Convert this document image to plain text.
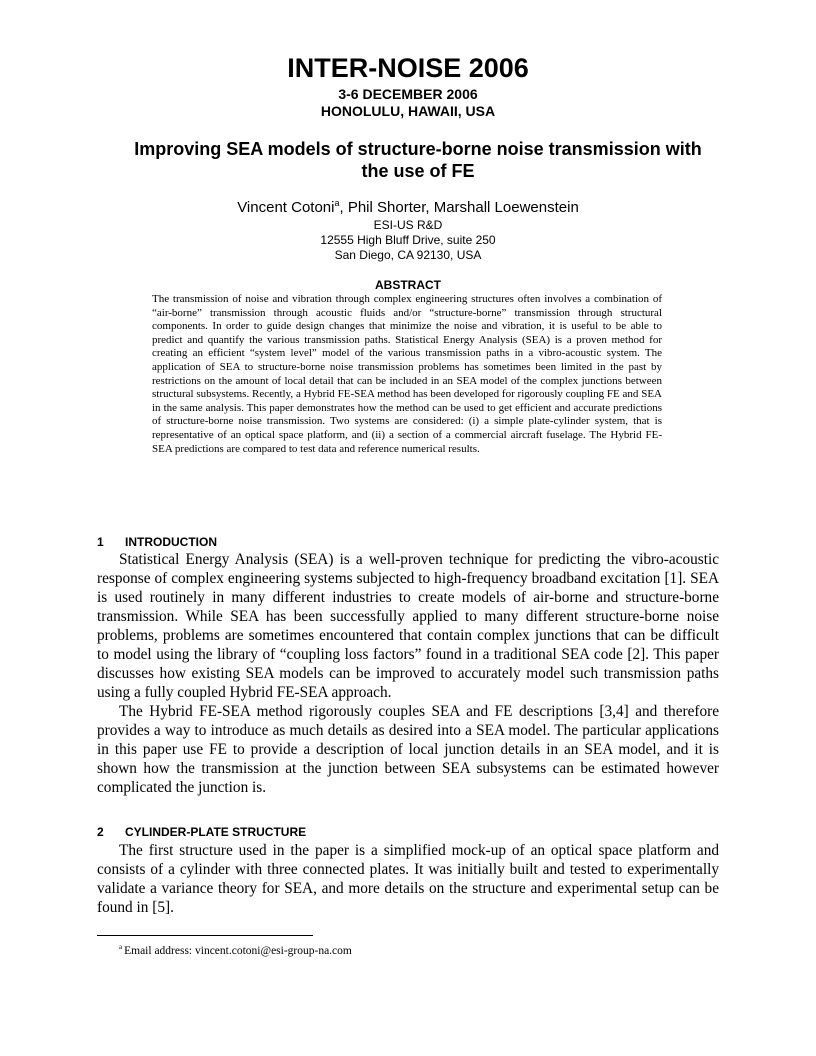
INTER-NOISE 2006
3-6 DECEMBER 2006
HONOLULU, HAWAII, USA
Improving SEA models of structure-borne noise transmission with
the use of FE
Vincent Cotoni$^a$, Phil Shorter, Marshall Loewenstein
ESI-US R&D
12555 High Bluff Drive, suite 250
San Diego, CA 92130, USA
ABSTRACT
The transmission of noise and vibration through complex engineering structures often involves a combination of “air-borne” transmission through acoustic fluids and/or “structure-borne” transmission through structural components. In order to guide design changes that minimize the noise and vibration, it is useful to be able to predict and quantify the various transmission paths. Statistical Energy Analysis (SEA) is a proven method for creating an efficient “system level” model of the various transmission paths in a vibro-acoustic system. The application of SEA to structure-borne noise transmission problems has sometimes been limited in the past by restrictions on the amount of local detail that can be included in an SEA model of the complex junctions between structural subsystems. Recently, a Hybrid FE-SEA method has been developed for rigorously coupling FE and SEA in the same analysis. This paper demonstrates how the method can be used to get efficient and accurate predictions of structure-borne noise transmission. Two systems are considered: (i) a simple plate-cylinder system, that is representative of an optical space platform, and (ii) a section of a commercial aircraft fuselage. The Hybrid FE-SEA predictions are compared to test data and reference numerical results.
1 INTRODUCTION

Statistical Energy Analysis (SEA) is a well-proven technique for predicting the vibro-acoustic response of complex engineering systems subjected to high-frequency broadband excitation [1]. SEA is used routinely in many different industries to create models of air-borne and structure-borne transmission. While SEA has been successfully applied to many different structure-borne noise problems, problems are sometimes encountered that contain complex junctions that can be difficult to model using the library of “coupling loss factors” found in a traditional SEA code [2]. This paper discusses how existing SEA models can be improved to accurately model such transmission paths using a fully coupled Hybrid FE-SEA approach.

The Hybrid FE-SEA method rigorously couples SEA and FE descriptions [3,4] and therefore provides a way to introduce as much details as desired into a SEA model. The particular applications in this paper use FE to provide a description of local junction details in an SEA model, and it is shown how the transmission at the junction between SEA subsystems can be estimated however complicated the junction is.

2 CYLINDER-PLATE STRUCTURE

The first structure used in the paper is a simplified mock-up of an optical space platform and consists of a cylinder with three connected plates. It was initially built and tested to experimentally validate a variance theory for SEA, and more details on the structure and experimental setup can be found in [5].

$^a$ Email address: vincent.cotoni@esi-group-na.com
